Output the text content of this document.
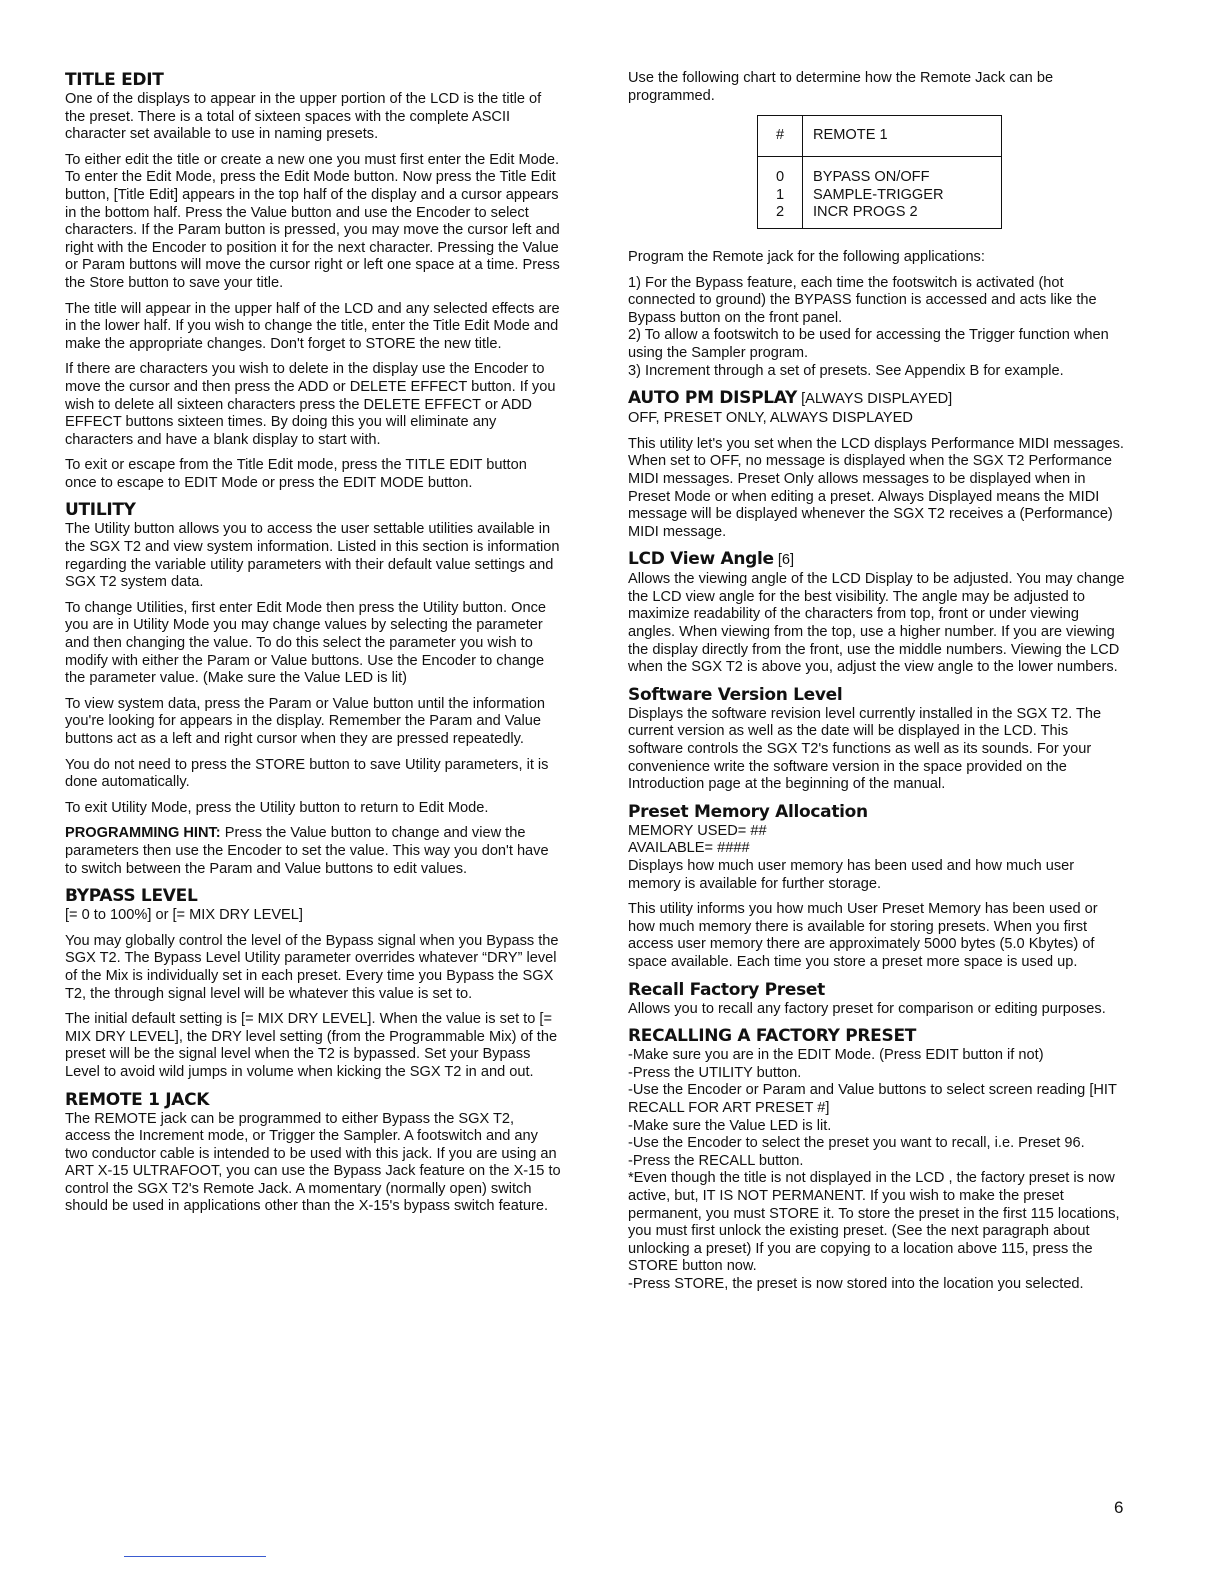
TITLE EDIT

One of the displays to appear in the upper portion of the LCD is the title of the preset. There is a total of sixteen spaces with the complete ASCII character set available to use in naming presets.

To either edit the title or create a new one you must first enter the Edit Mode. To enter the Edit Mode, press the Edit Mode button. Now press the Title Edit button, [Title Edit] appears in the top half of the display and a cursor appears in the bottom half. Press the Value button and use the Encoder to select characters. If the Param button is pressed, you may move the cursor left and right with the Encoder to position it for the next character. Pressing the Value or Param buttons will move the cursor right or left one space at a time. Press the Store button to save your title.

The title will appear in the upper half of the LCD and any selected effects are in the lower half. If you wish to change the title, enter the Title Edit Mode and make the appropriate changes. Don't forget to STORE the new title.

If there are characters you wish to delete in the display use the Encoder to move the cursor and then press the ADD or DELETE EFFECT button. If you wish to delete all sixteen characters press the DELETE EFFECT or ADD EFFECT buttons sixteen times. By doing this you will eliminate any characters and have a blank display to start with.

To exit or escape from the Title Edit mode, press the TITLE EDIT button once to escape to EDIT Mode or press the EDIT MODE button.

UTILITY

The Utility button allows you to access the user settable utilities available in the SGX T2 and view system information. Listed in this section is information regarding the variable utility parameters with their default value settings and SGX T2 system data.

To change Utilities, first enter Edit Mode then press the Utility button. Once you are in Utility Mode you may change values by selecting the parameter and then changing the value. To do this select the parameter you wish to modify with either the Param or Value buttons. Use the Encoder to change the parameter value. (Make sure the Value LED is lit)

To view system data, press the Param or Value button until the information you're looking for appears in the display. Remember the Param and Value buttons act as a left and right cursor when they are pressed repeatedly.

You do not need to press the STORE button to save Utility parameters, it is done automatically.

To exit Utility Mode, press the Utility button to return to Edit Mode.

PROGRAMMING HINT: Press the Value button to change and view the parameters then use the Encoder to set the value. This way you don't have to switch between the Param and Value buttons to edit values.

BYPASS LEVEL

[= 0 to 100%] or [= MIX DRY LEVEL]

You may globally control the level of the Bypass signal when you Bypass the SGX T2. The Bypass Level Utility parameter overrides whatever “DRY” level of the Mix is individually set in each preset. Every time you Bypass the SGX T2, the through signal level will be whatever this value is set to.

The initial default setting is [= MIX DRY LEVEL]. When the value is set to [= MIX DRY LEVEL], the DRY level setting (from the Programmable Mix) of the preset will be the signal level when the T2 is bypassed. Set your Bypass Level to avoid wild jumps in volume when kicking the SGX T2 in and out.

REMOTE 1 JACK

The REMOTE jack can be programmed to either Bypass the SGX T2, access the Increment mode, or Trigger the Sampler. A footswitch and any two conductor cable is intended to be used with this jack. If you are using an ART X-15 ULTRAFOOT, you can use the Bypass Jack feature on the X-15 to control the SGX T2's Remote Jack. A momentary (normally open) switch should be used in applications other than the X-15's bypass switch feature.

Use the following chart to determine how the Remote Jack can be programmed.

#	REMOTE 1
0	BYPASS ON/OFF
1	SAMPLE-TRIGGER
2	INCR PROGS 2

Program the Remote jack for the following applications:

1) For the Bypass feature, each time the footswitch is activated (hot connected to ground) the BYPASS function is accessed and acts like the Bypass button on the front panel.

2) To allow a footswitch to be used for accessing the Trigger function when using the Sampler program.

3) Increment through a set of presets. See Appendix B for example.

AUTO PM DISPLAY [ALWAYS DISPLAYED]

OFF, PRESET ONLY, ALWAYS DISPLAYED

This utility let's you set when the LCD displays Performance MIDI messages. When set to OFF, no message is displayed when the SGX T2 Performance MIDI messages. Preset Only allows messages to be displayed when in Preset Mode or when editing a preset. Always Displayed means the MIDI message will be displayed whenever the SGX T2 receives a (Performance) MIDI message.

LCD View Angle [6]

Allows the viewing angle of the LCD Display to be adjusted. You may change the LCD view angle for the best visibility. The angle may be adjusted to maximize readability of the characters from top, front or under viewing angles. When viewing from the top, use a higher number. If you are viewing the display directly from the front, use the middle numbers. Viewing the LCD when the SGX T2 is above you, adjust the view angle to the lower numbers.

Software Version Level

Displays the software revision level currently installed in the SGX T2. The current version as well as the date will be displayed in the LCD. This software controls the SGX T2's functions as well as its sounds. For your convenience write the software version in the space provided on the Introduction page at the beginning of the manual.

Preset Memory Allocation

MEMORY USED= ##

AVAILABLE= ####

Displays how much user memory has been used and how much user memory is available for further storage.

This utility informs you how much User Preset Memory has been used or how much memory there is available for storing presets. When you first access user memory there are approximately 5000 bytes (5.0 Kbytes) of space available. Each time you store a preset more space is used up.

Recall Factory Preset

Allows you to recall any factory preset for comparison or editing purposes.

RECALLING A FACTORY PRESET

-Make sure you are in the EDIT Mode. (Press EDIT button if not)

-Press the UTILITY button.

-Use the Encoder or Param and Value buttons to select screen reading [HIT RECALL FOR ART PRESET #]

-Make sure the Value LED is lit.

-Use the Encoder to select the preset you want to recall, i.e. Preset 96.

-Press the RECALL button.

*Even though the title is not displayed in the LCD , the factory preset is now active, but, IT IS NOT PERMANENT. If you wish to make the preset permanent, you must STORE it. To store the preset in the first 115 locations, you must first unlock the existing preset. (See the next paragraph about unlocking a preset) If you are copying to a location above 115, press the STORE button now.

-Press STORE, the preset is now stored into the location you selected.

6
